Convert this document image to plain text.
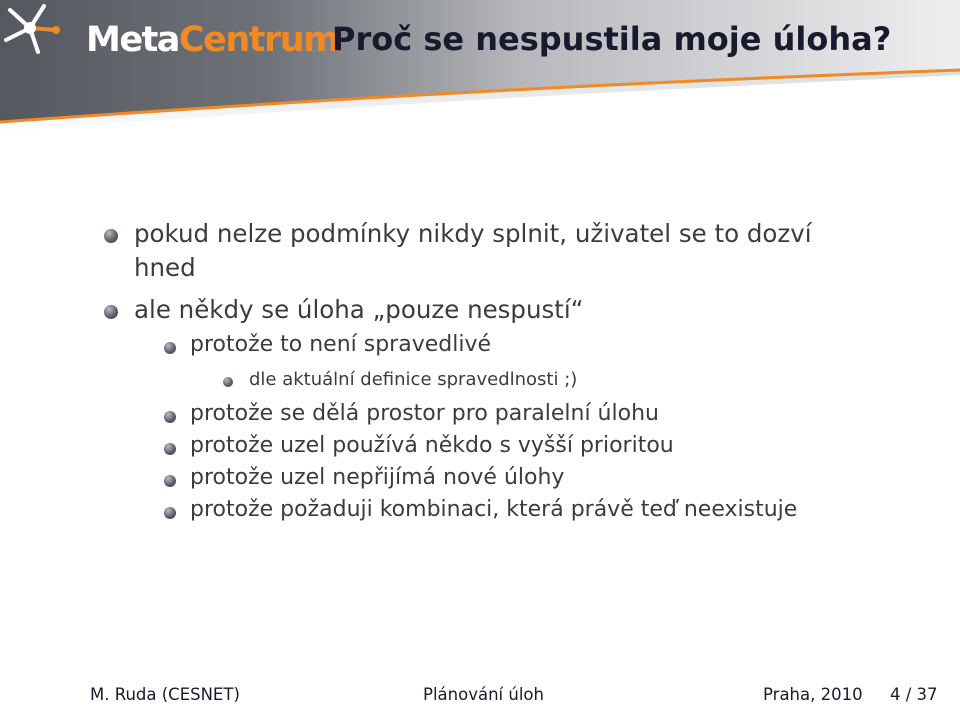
MetaCentrum
Proč se nespustila moje úloha?
pokud nelze podmínky nikdy splnit, uživatel se to dozví
hned
ale někdy se úloha „pouze nespustí“
protože to není spravedlivé
dle aktuální definice spravedlnosti ;)
protože se dělá prostor pro paralelní úlohu
protože uzel používá někdo s vyšší prioritou
protože uzel nepřijímá nové úlohy
protože požaduji kombinaci, která právě teď neexistuje
M. Ruda (CESNET)	Plánování úloh	Praha, 2010 4 / 37
